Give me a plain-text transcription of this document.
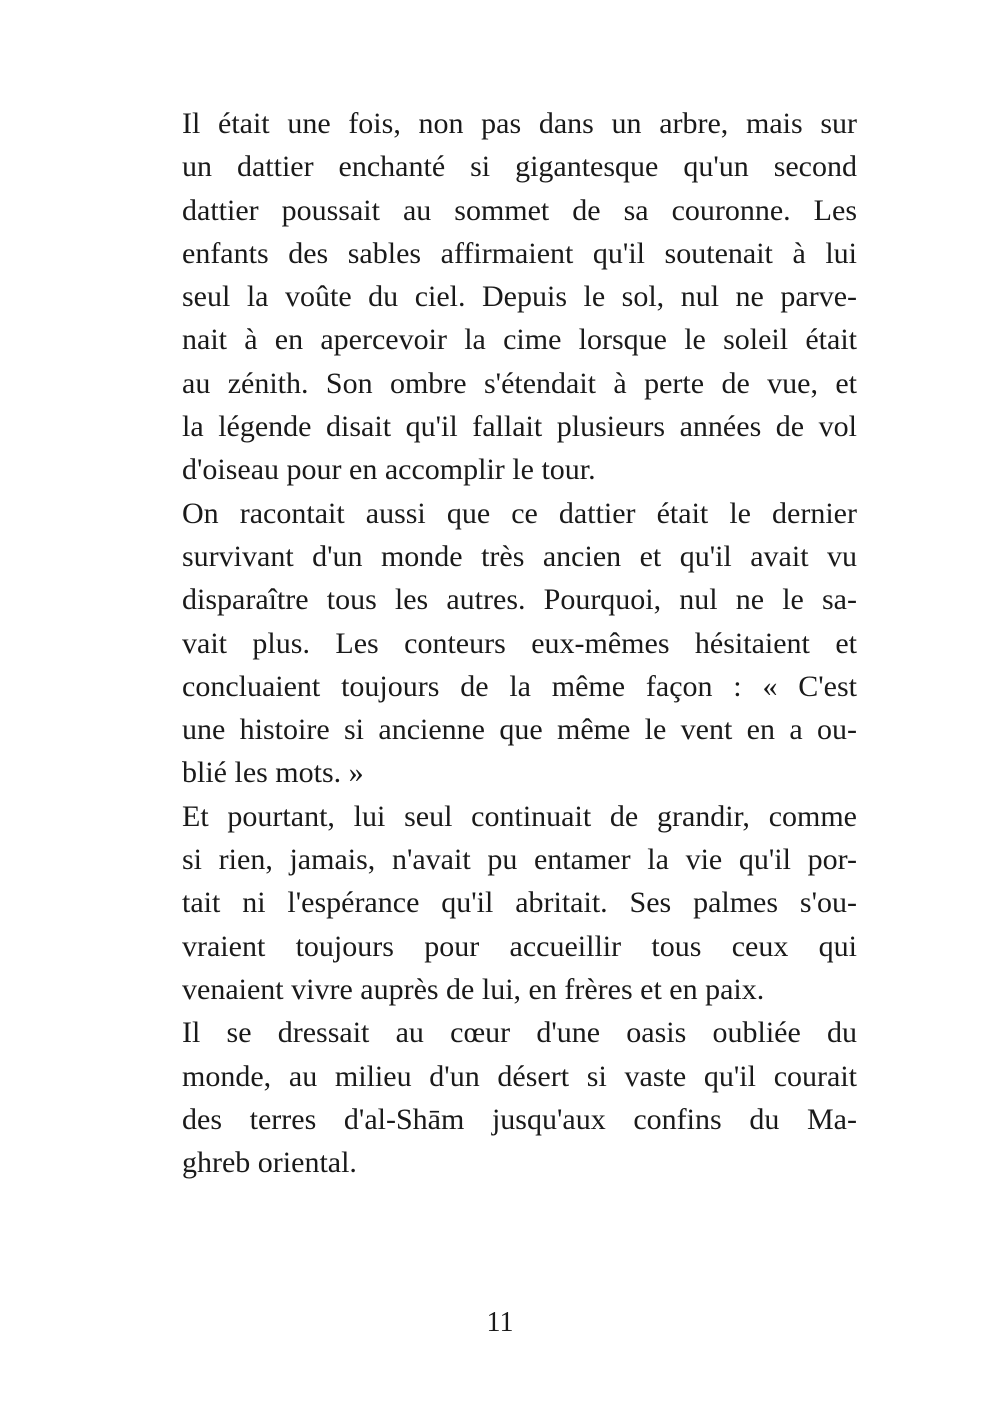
Il était une fois, non pas dans un arbre, mais sur
un dattier enchanté si gigantesque qu'un second
dattier poussait au sommet de sa couronne. Les
enfants des sables affirmaient qu'il soutenait à lui
seul la voûte du ciel. Depuis le sol, nul ne parve-
nait à en apercevoir la cime lorsque le soleil était
au zénith. Son ombre s'étendait à perte de vue, et
la légende disait qu'il fallait plusieurs années de vol
d'oiseau pour en accomplir le tour.
On racontait aussi que ce dattier était le dernier
survivant d'un monde très ancien et qu'il avait vu
disparaître tous les autres. Pourquoi, nul ne le sa-
vait plus. Les conteurs eux-mêmes hésitaient et
concluaient toujours de la même façon : « C'est
une histoire si ancienne que même le vent en a ou-
blié les mots. »
Et pourtant, lui seul continuait de grandir, comme
si rien, jamais, n'avait pu entamer la vie qu'il por-
tait ni l'espérance qu'il abritait. Ses palmes s'ou-
vraient toujours pour accueillir tous ceux qui
venaient vivre auprès de lui, en frères et en paix.
Il se dressait au cœur d'une oasis oubliée du
monde, au milieu d'un désert si vaste qu'il courait
des terres d'al-Shām jusqu'aux confins du Ma-
ghreb oriental.
11
